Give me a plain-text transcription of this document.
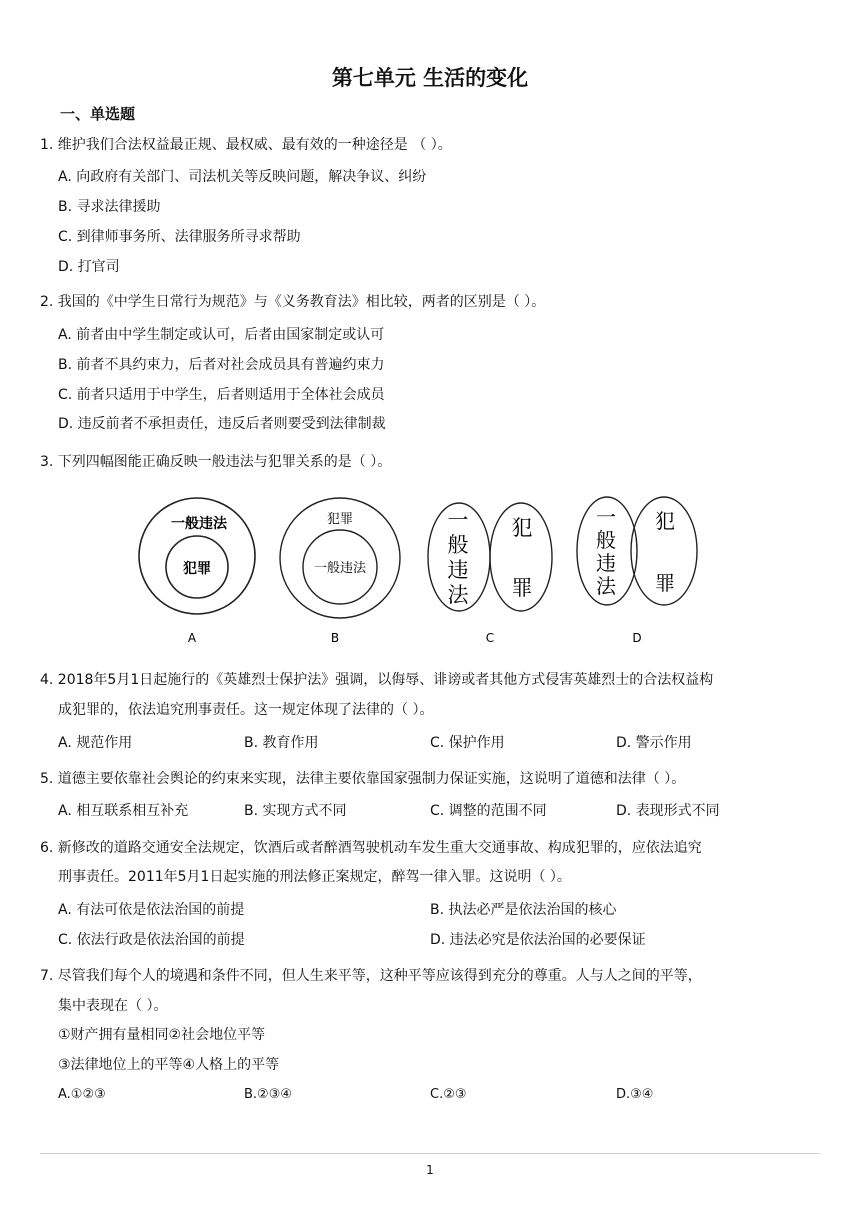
第七单元 生活的变化
一、单选题
1. 维护我们合法权益最正规、最权威、最有效的一种途径是 （ ）。
A. 向政府有关部门、司法机关等反映问题，解决争议、纠纷
B. 寻求法律援助
C. 到律师事务所、法律服务所寻求帮助
D. 打官司
2. 我国的《中学生日常行为规范》与《义务教育法》相比较，两者的区别是（ ）。
A. 前者由中学生制定或认可，后者由国家制定或认可
B. 前者不具约束力，后者对社会成员具有普遍约束力
C. 前者只适用于中学生，后者则适用于全体社会成员
D. 违反前者不承担责任，违反后者则要受到法律制裁
3. 下列四幅图能正确反映一般违法与犯罪关系的是（ ）。
一般违法
犯罪
A
犯罪
一般违法
B
一
般
违
法
犯
罪
C
一
般
违
法
犯
罪
D
4. 2018年5月1日起施行的《英雄烈士保护法》强调，以侮辱、诽谤或者其他方式侵害英雄烈士的合法权益构
成犯罪的，依法追究刑事责任。这一规定体现了法律的（ ）。
A. 规范作用	B. 教育作用	C. 保护作用	D. 警示作用
5. 道德主要依靠社会舆论的约束来实现，法律主要依靠国家强制力保证实施，这说明了道德和法律（ ）。
A. 相互联系相互补充	B. 实现方式不同	C. 调整的范围不同	D. 表现形式不同
6. 新修改的道路交通安全法规定，饮酒后或者醉酒驾驶机动车发生重大交通事故、构成犯罪的，应依法追究
刑事责任。2011年5月1日起实施的刑法修正案规定，醉驾一律入罪。这说明（ ）。
A. 有法可依是依法治国的前提	B. 执法必严是依法治国的核心
C. 依法行政是依法治国的前提	D. 违法必究是依法治国的必要保证
7. 尽管我们每个人的境遇和条件不同，但人生来平等，这种平等应该得到充分的尊重。人与人之间的平等，
集中表现在（ ）。
①财产拥有量相同②社会地位平等
③法律地位上的平等④人格上的平等
A.①②③	B.②③④	C.②③	D.③④
1
